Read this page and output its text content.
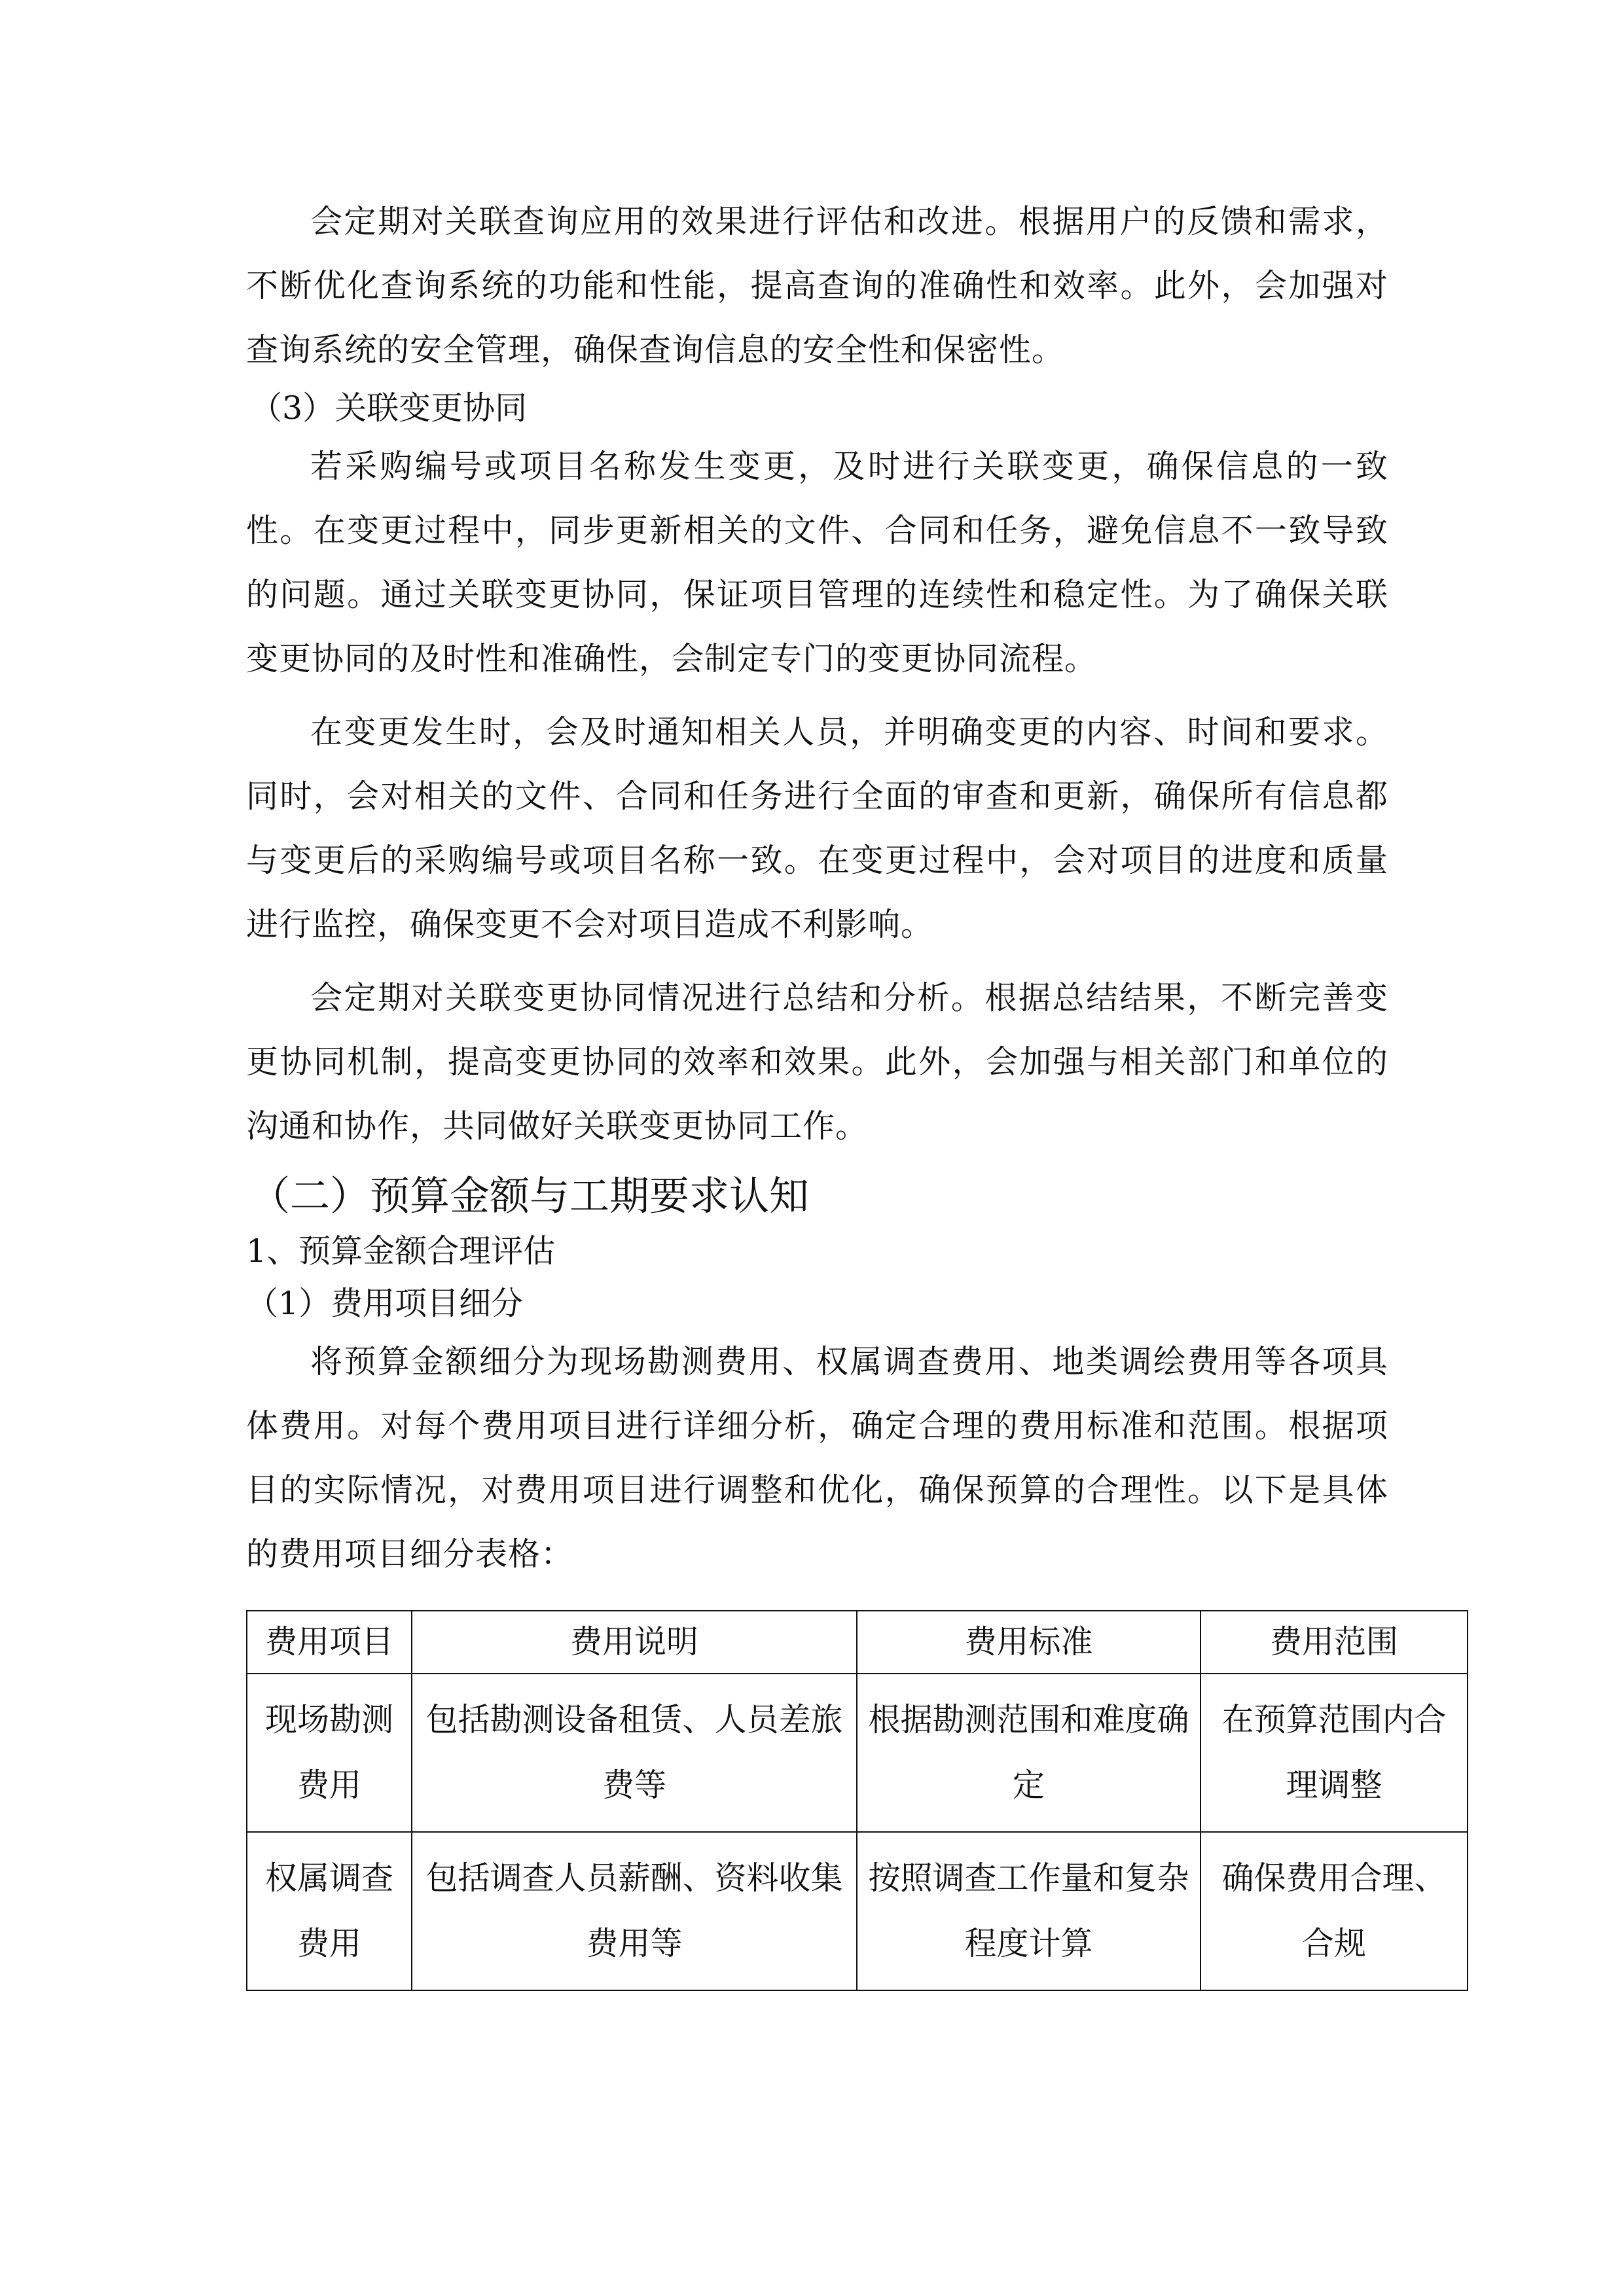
会定期对关联查询应用的效果进行评估和改进。根据用户的反馈和需求，不断优化查询系统的功能和性能，提高查询的准确性和效率。此外，会加强对查询系统的安全管理，确保查询信息的安全性和保密性。

（3）关联变更协同

若采购编号或项目名称发生变更，及时进行关联变更，确保信息的一致性。在变更过程中，同步更新相关的文件、合同和任务，避免信息不一致导致的问题。通过关联变更协同，保证项目管理的连续性和稳定性。为了确保关联变更协同的及时性和准确性，会制定专门的变更协同流程。

在变更发生时，会及时通知相关人员，并明确变更的内容、时间和要求。同时，会对相关的文件、合同和任务进行全面的审查和更新，确保所有信息都与变更后的采购编号或项目名称一致。在变更过程中，会对项目的进度和质量进行监控，确保变更不会对项目造成不利影响。

会定期对关联变更协同情况进行总结和分析。根据总结结果，不断完善变更协同机制，提高变更协同的效率和效果。此外，会加强与相关部门和单位的沟通和协作，共同做好关联变更协同工作。

（二）预算金额与工期要求认知

1、预算金额合理评估

（1）费用项目细分

将预算金额细分为现场勘测费用、权属调查费用、地类调绘费用等各项具体费用。对每个费用项目进行详细分析，确定合理的费用标准和范围。根据项目的实际情况，对费用项目进行调整和优化，确保预算的合理性。以下是具体的费用项目细分表格：

费用项目	费用说明	费用标准	费用范围
现场勘测费用	包括勘测设备租赁、人员差旅费等	根据勘测范围和难度确定	在预算范围内合理调整
权属调查费用	包括调查人员薪酬、资料收集费用等	按照调查工作量和复杂程度计算	确保费用合理、合规
